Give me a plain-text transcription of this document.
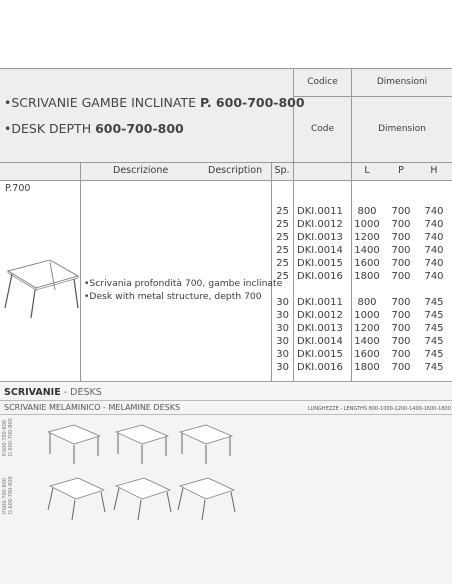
•SCRIVANIE GAMBE INCLINATE P. 600-700-800
•DESK DEPTH 600-700-800
Codice	Dimensioni
Code	Dimension
Descrizione	Description	Sp.	L	P	H
P.700
•Scrivania profondità 700, gambe inclinate
•Desk with metal structure, depth 700
25 DKI.0011	800	700	740
25 DKI.0012 1000	700	740
25 DKI.0013 1200	700	740
25 DKI.0014 1400	700	740
25 DKI.0015 1600	700	740
25 DKI.0016 1800	700	740
30 DKI.0011	800	700	745
30 DKI.0012 1000	700	745
30 DKI.0013 1200	700	745
30 DKI.0014 1400	700	745
30 DKI.0015 1600	700	745
30 DKI.0016 1800	700	745
SCRIVANIE - DESKS
SCRIVANIE MELAMINICO - MELAMINE DESKS	LUNGHEZZE - LENGTHS 800-1000-1200-1400-1600-1800
P.600-700-800 D.600-700-800
P.600-700-800 D.600-700-800
